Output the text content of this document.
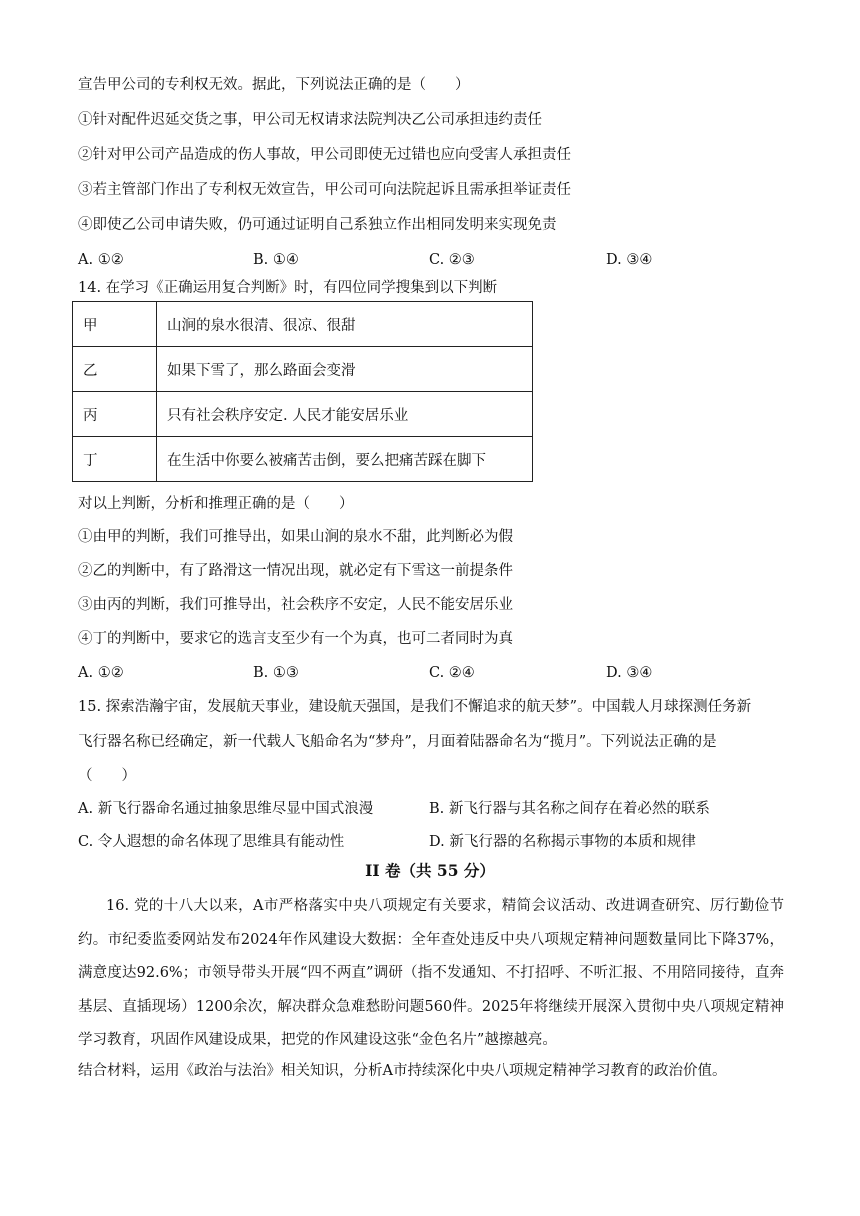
宣告甲公司的专利权无效。据此，下列说法正确的是（　　）
①针对配件迟延交货之事，甲公司无权请求法院判决乙公司承担违约责任
②针对甲公司产品造成的伤人事故，甲公司即使无过错也应向受害人承担责任
③若主管部门作出了专利权无效宣告，甲公司可向法院起诉且需承担举证责任
④即使乙公司申请失败，仍可通过证明自己系独立作出相同发明来实现免责
A. ①②	B. ①④	C. ②③	D. ③④
14. 在学习《正确运用复合判断》时，有四位同学搜集到以下判断
甲	山涧的泉水很清、很凉、很甜
乙	如果下雪了，那么路面会变滑
丙	只有社会秩序安定. 人民才能安居乐业
丁	在生活中你要么被痛苦击倒，要么把痛苦踩在脚下
对以上判断，分析和推理正确的是（　　）
①由甲的判断，我们可推导出，如果山涧的泉水不甜，此判断必为假
②乙的判断中，有了路滑这一情况出现，就必定有下雪这一前提条件
③由丙的判断，我们可推导出，社会秩序不安定，人民不能安居乐业
④丁的判断中，要求它的选言支至少有一个为真，也可二者同时为真
A. ①②	B. ①③	C. ②④	D. ③④
15. 探索浩瀚宇宙，发展航天事业，建设航天强国，是我们不懈追求的航天梦”。中国载人月球探测任务新
飞行器名称已经确定，新一代载人飞船命名为“梦舟”，月面着陆器命名为“揽月”。下列说法正确的是
（　　）
A. 新飞行器命名通过抽象思维尽显中国式浪漫	B. 新飞行器与其名称之间存在着必然的联系
C. 令人遐想的命名体现了思维具有能动性	D. 新飞行器的名称揭示事物的本质和规律
II 卷（共 55 分）
16. 党的十八大以来，A市严格落实中央八项规定有关要求，精简会议活动、改进调查研究、厉行勤俭节约。市纪委监委网站发布2024年作风建设大数据：全年查处违反中央八项规定精神问题数量同比下降37%，满意度达92.6%；市领导带头开展“四不两直”调研（指不发通知、不打招呼、不听汇报、不用陪同接待，直奔基层、直插现场）1200余次，解决群众急难愁盼问题560件。2025年将继续开展深入贯彻中央八项规定精神学习教育，巩固作风建设成果，把党的作风建设这张“金色名片”越擦越亮。
结合材料，运用《政治与法治》相关知识，分析A市持续深化中央八项规定精神学习教育的政治价值。
